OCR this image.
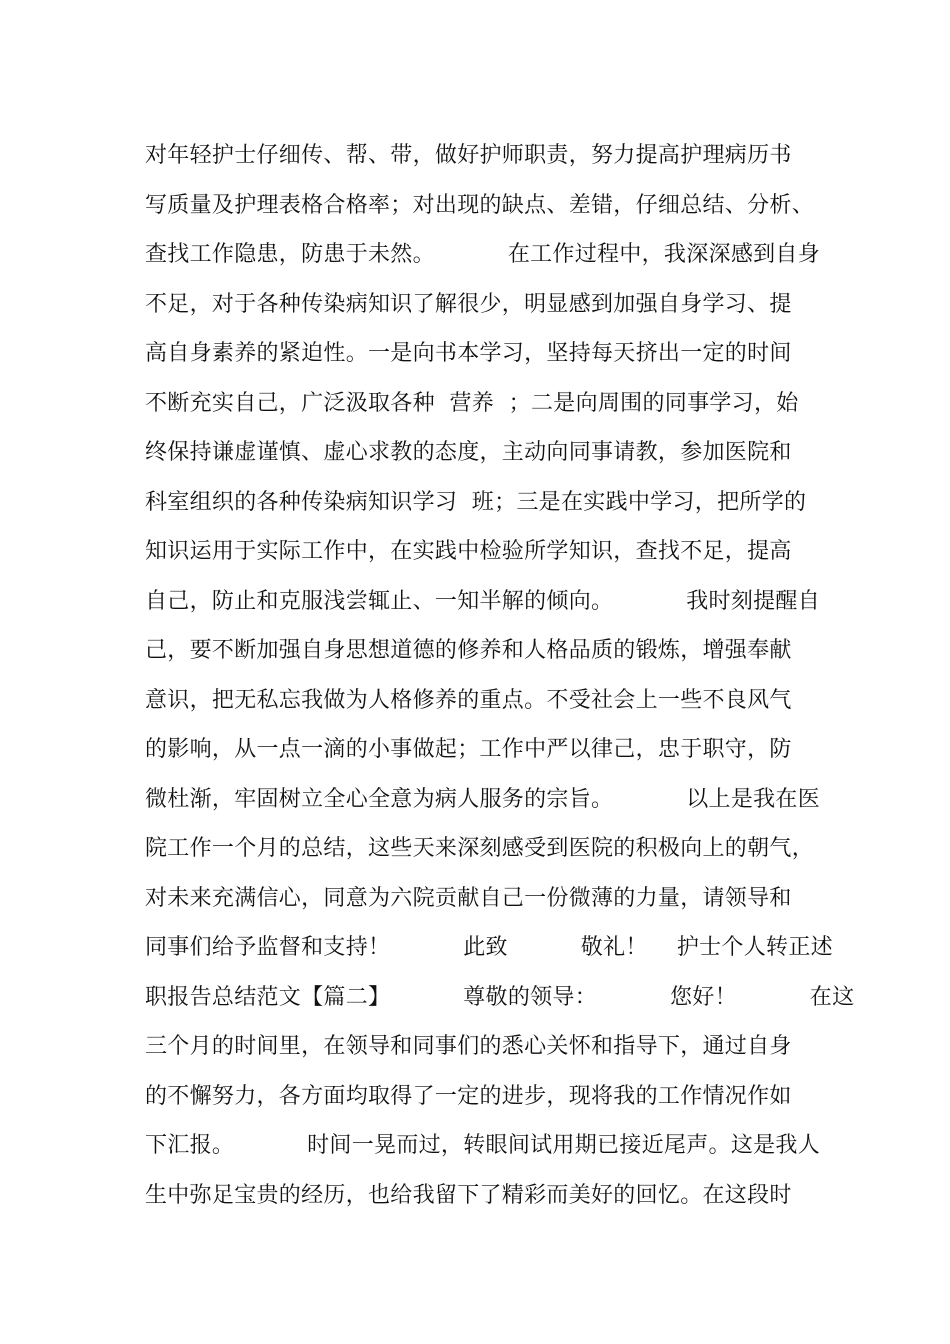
对年轻护士仔细传、帮、带，做好护师职责，努力提高护理病历书
写质量及护理表格合格率；对出现的缺点、差错，仔细总结、分析、
查找工作隐患，防患于未然。          在工作过程中，我深深感到自身
不足，对于各种传染病知识了解很少，明显感到加强自身学习、提
高自身素养的紧迫性。一是向书本学习，坚持每天挤出一定的时间
不断充实自己，广泛汲取各种  营养  ；二是向周围的同事学习，始
终保持谦虚谨慎、虚心求教的态度，主动向同事请教，参加医院和
科室组织的各种传染病知识学习  班；三是在实践中学习，把所学的
知识运用于实际工作中，在实践中检验所学知识，查找不足，提高
自己，防止和克服浅尝辄止、一知半解的倾向。          我时刻提醒自
己，要不断加强自身思想道德的修养和人格品质的锻炼，增强奉献
意识，把无私忘我做为人格修养的重点。不受社会上一些不良风气
的影响，从一点一滴的小事做起；工作中严以律己，忠于职守，防
微杜渐，牢固树立全心全意为病人服务的宗旨。          以上是我在医
院工作一个月的总结，这些天来深刻感受到医院的积极向上的朝气，
对未来充满信心，同意为六院贡献自己一份微薄的力量，请领导和
同事们给予监督和支持！          此致          敬礼！    护士个人转正述
职报告总结范文【篇二】          尊敬的领导：          您好！          在这
三个月的时间里，在领导和同事们的悉心关怀和指导下，通过自身
的不懈努力，各方面均取得了一定的进步，现将我的工作情况作如
下汇报。          时间一晃而过，转眼间试用期已接近尾声。这是我人
生中弥足宝贵的经历，也给我留下了精彩而美好的回忆。在这段时
